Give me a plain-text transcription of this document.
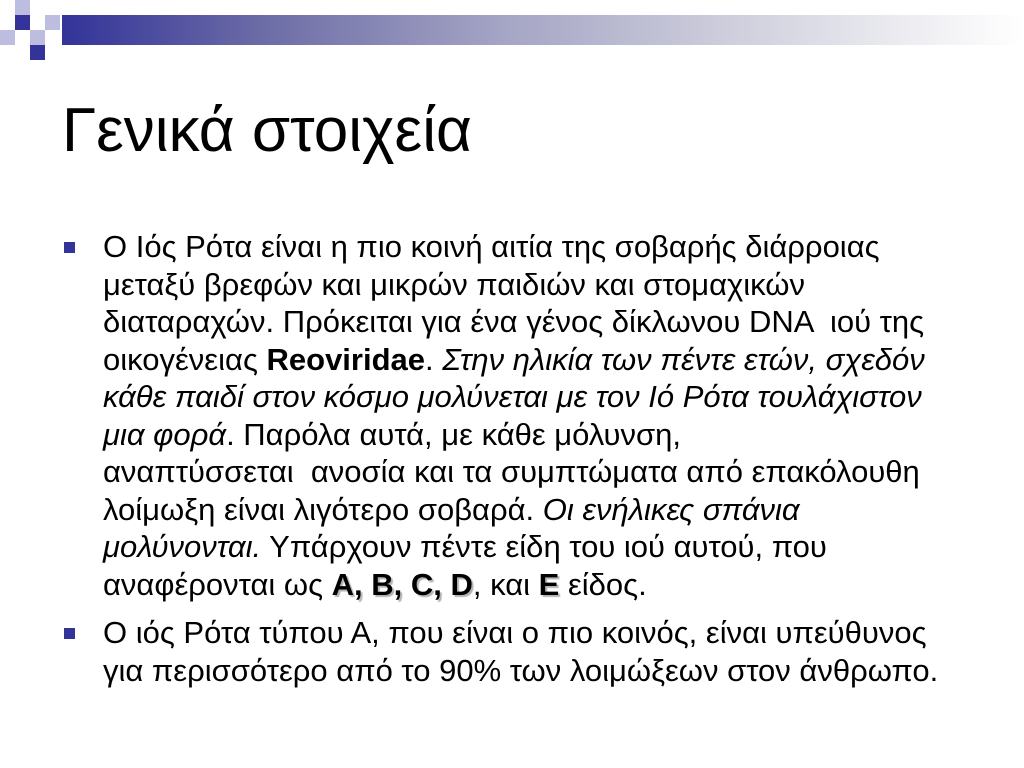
Γενικά στοιχεία
Ο Ιός Ρότα είναι η πιο κοινή αιτία της σοβαρής διάρροιας
μεταξύ βρεφών και μικρών παιδιών και στομαχικών
διαταραχών. Πρόκειται για ένα γένος δίκλωνου DNA  ιού της
οικογένειας Reoviridae. Στην ηλικία των πέντε ετών, σχεδόν
κάθε παιδί στον κόσμο μολύνεται με τον Ιό Ρότα τουλάχιστον
μια φορά. Παρόλα αυτά, με κάθε μόλυνση,
αναπτύσσεται  ανοσία και τα συμπτώματα από επακόλουθη
λοίμωξη είναι λιγότερο σοβαρά. Οι ενήλικες σπάνια
μολύνονται. Υπάρχουν πέντε είδη του ιού αυτού, που
αναφέρονται ως A, B, C, D, και E είδος.
Ο ιός Ρότα τύπου Α, που είναι ο πιο κοινός, είναι υπεύθυνος
για περισσότερο από το 90% των λοιμώξεων στον άνθρωπο.
